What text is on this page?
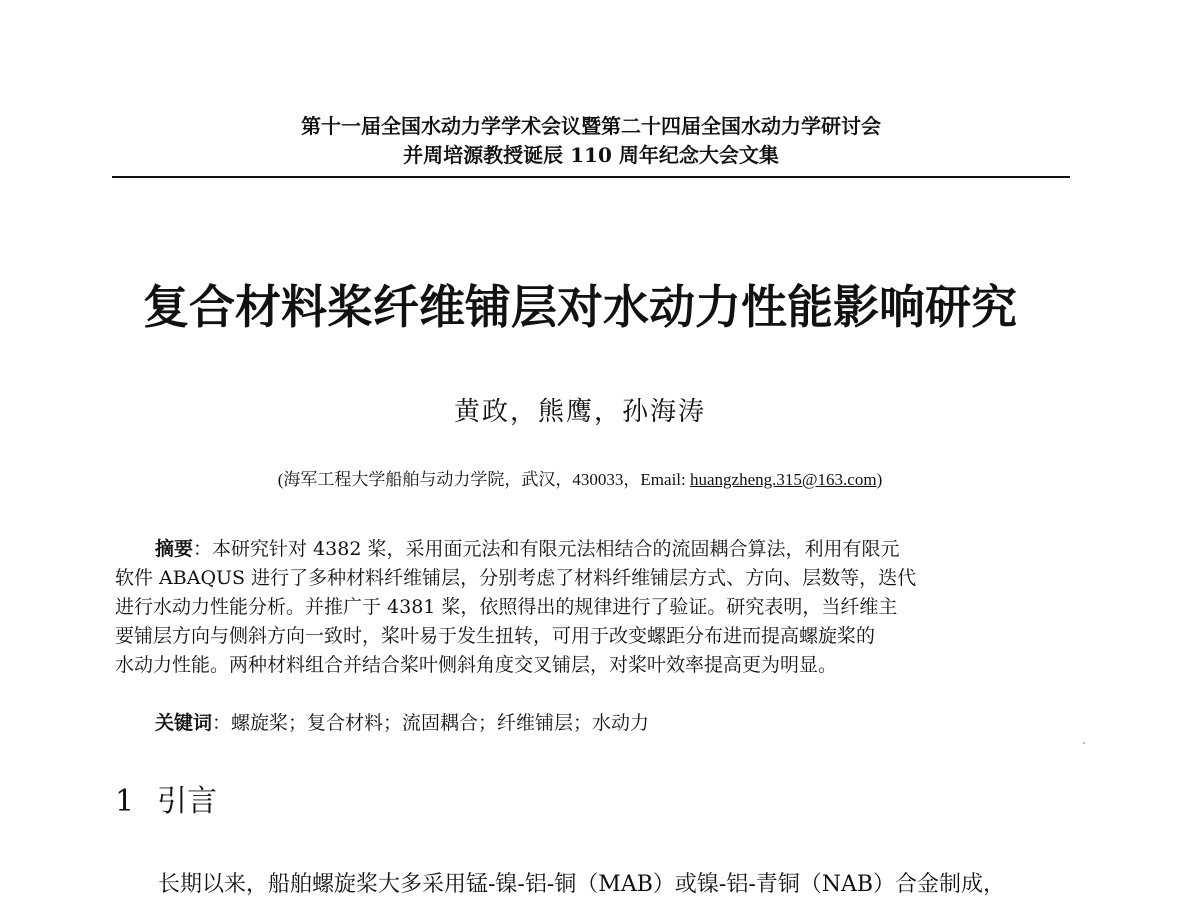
第十一届全国水动力学学术会议暨第二十四届全国水动力学研讨会
并周培源教授诞辰 110 周年纪念大会文集
复合材料桨纤维铺层对水动力性能影响研究
黄政，熊鹰，孙海涛
(海军工程大学船舶与动力学院，武汉，430033，Email: huangzheng.315@163.com)
摘要：本研究针对 4382 桨，采用面元法和有限元法相结合的流固耦合算法，利用有限元
软件 ABAQUS 进行了多种材料纤维铺层，分别考虑了材料纤维铺层方式、方向、层数等，迭代
进行水动力性能分析。并推广于 4381 桨，依照得出的规律进行了验证。研究表明，当纤维主
要铺层方向与侧斜方向一致时，桨叶易于发生扭转，可用于改变螺距分布进而提高螺旋桨的
水动力性能。两种材料组合并结合桨叶侧斜角度交叉铺层，对桨叶效率提高更为明显。
关键词：螺旋桨；复合材料；流固耦合；纤维铺层；水动力
1 引言
长期以来，船舶螺旋桨大多采用锰-镍-铝-铜（MAB）或镍-铝-青铜（NAB）合金制成，
